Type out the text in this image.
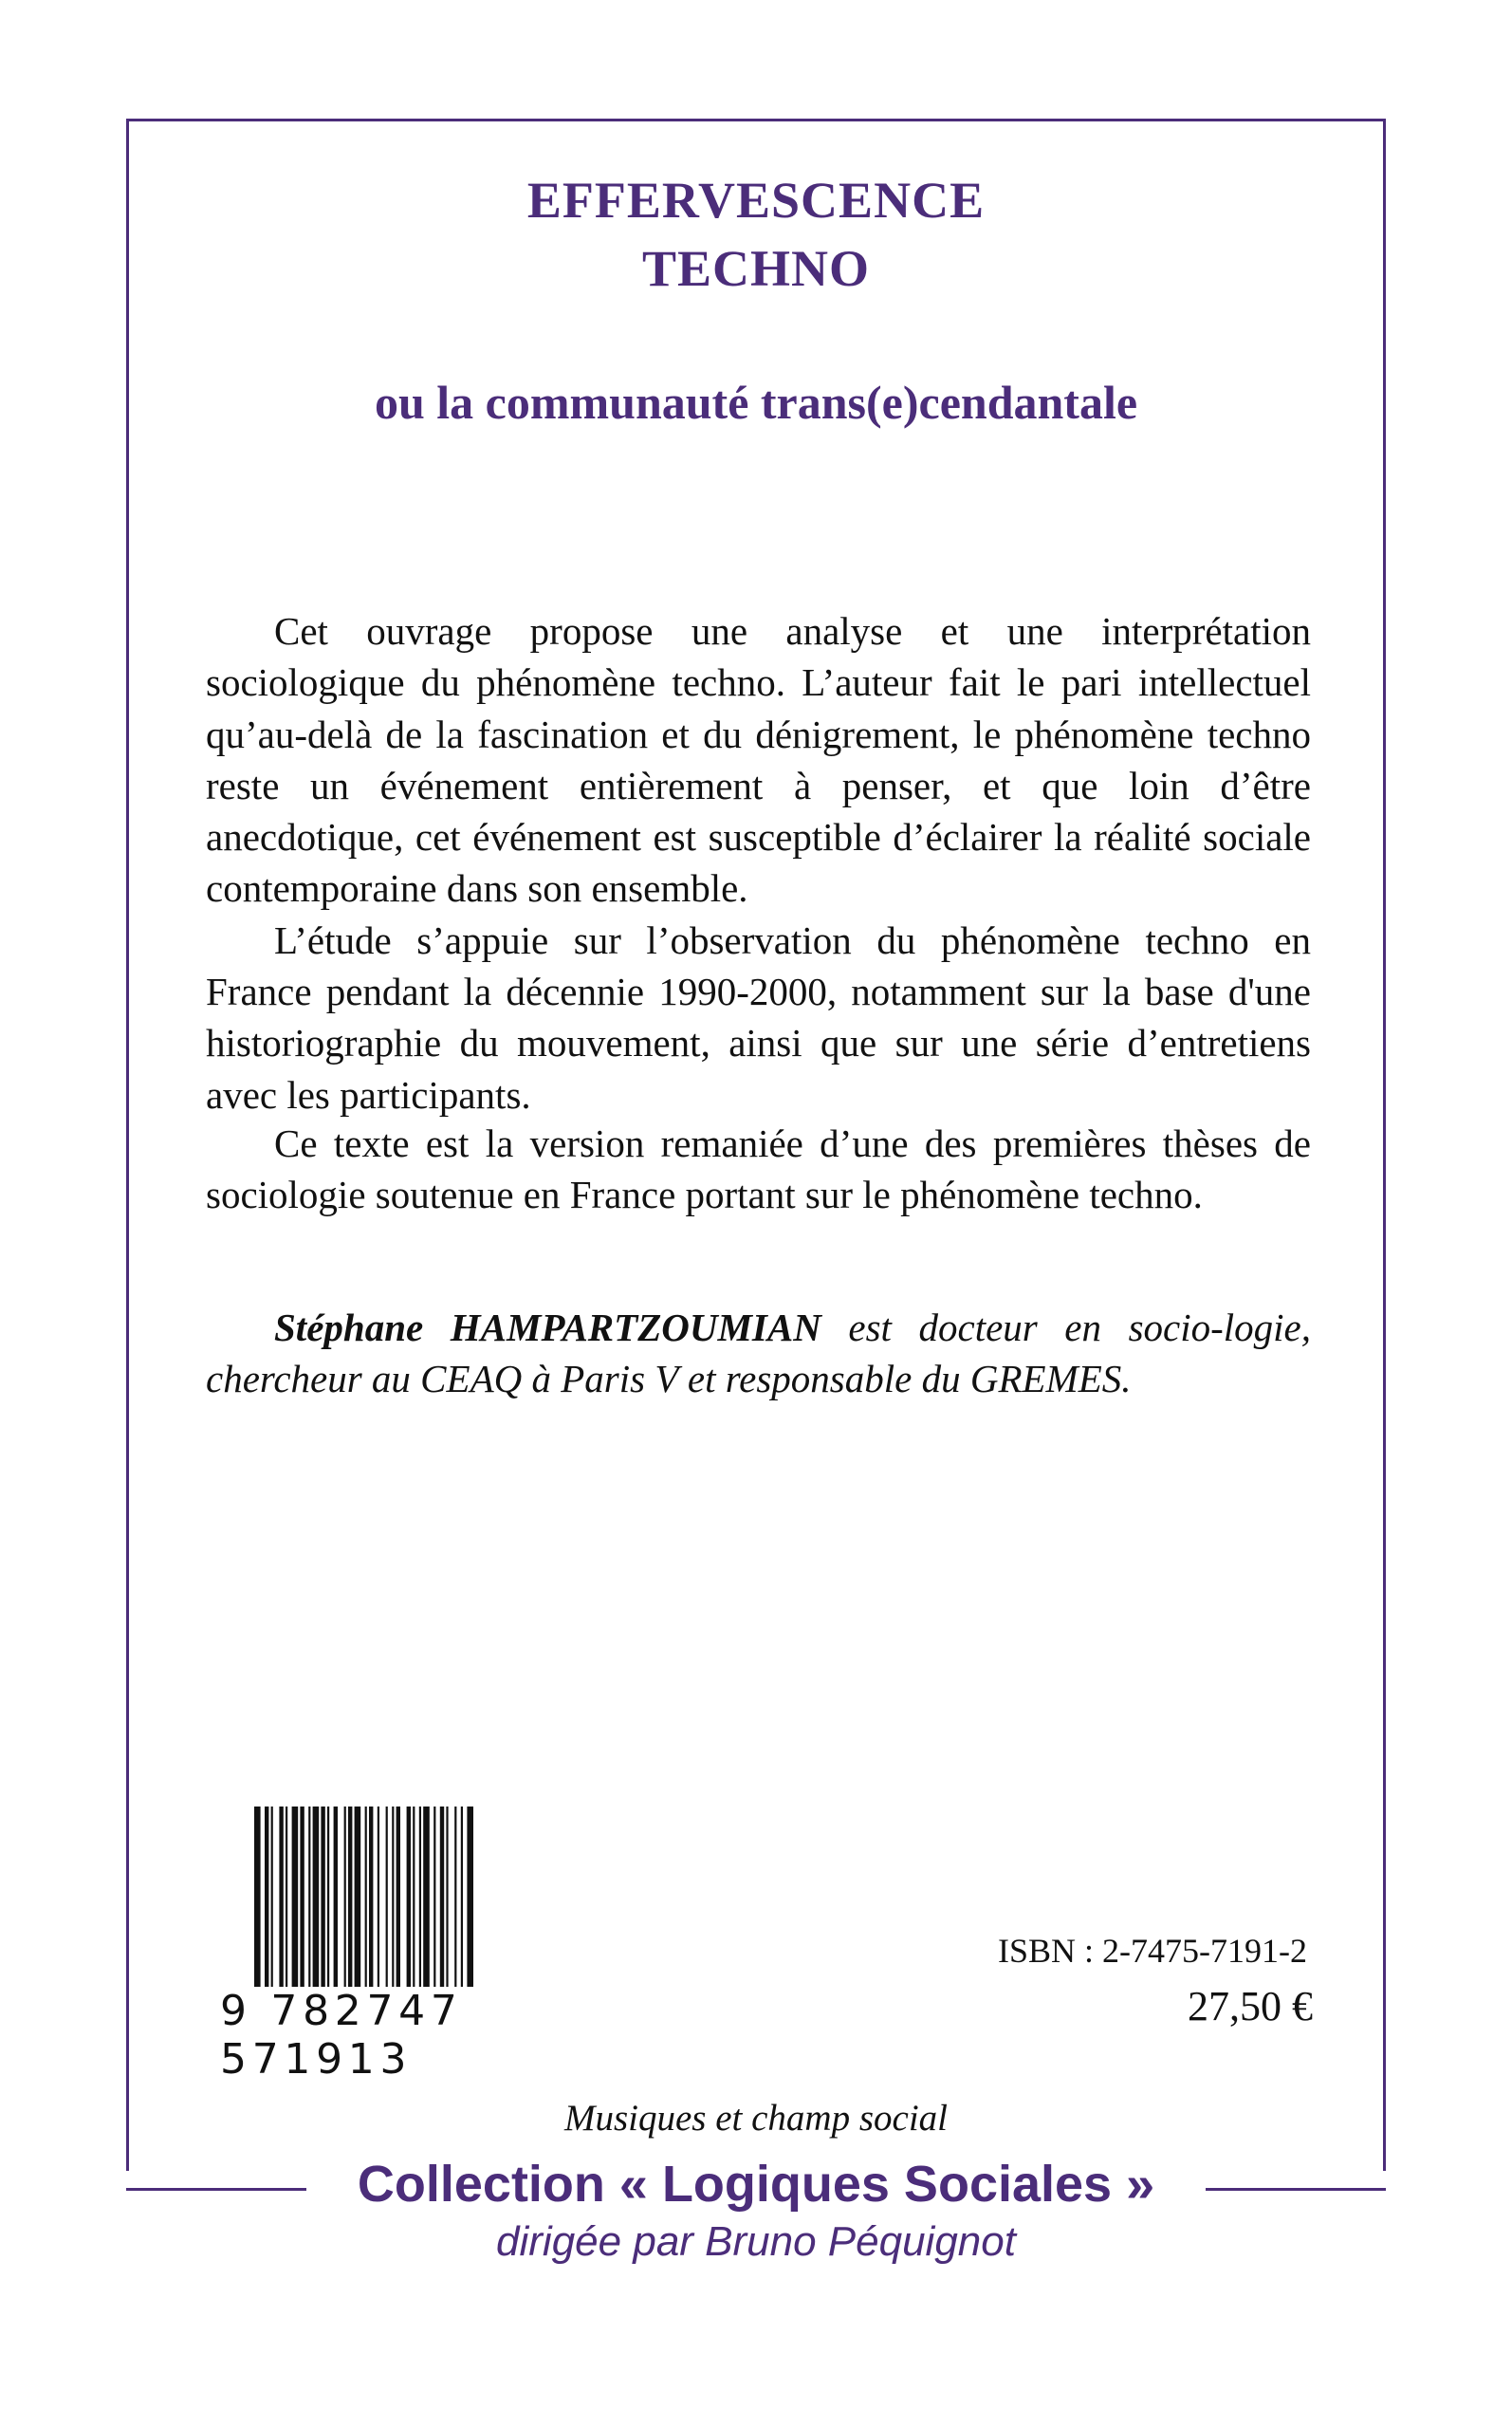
EFFERVESCENCE
TECHNO
ou la communauté trans(e)cendantale

Cet ouvrage propose une analyse et une interprétation sociologique du phénomène techno. L’auteur fait le pari intellectuel qu’au-delà de la fascination et du dénigrement, le phénomène techno reste un événement entièrement à penser, et que loin d’être anecdotique, cet événement est susceptible d’éclairer la réalité sociale contemporaine dans son ensemble.

L’étude s’appuie sur l’observation du phénomène techno en France pendant la décennie 1990-2000, notamment sur la base d'une historiographie du mouvement, ainsi que sur une série d’entretiens avec les participants.

Ce texte est la version remaniée d’une des premières thèses de sociologie soutenue en France portant sur le phénomène techno.

Stéphane HAMPARTZOUMIAN est docteur en socio-logie, chercheur au CEAQ à Paris V et responsable du GREMES.

9 782747 571913
ISBN : 2-7475-7191-2
27,50 €
Musiques et champ social
Collection « Logiques Sociales »
dirigée par Bruno Péquignot
